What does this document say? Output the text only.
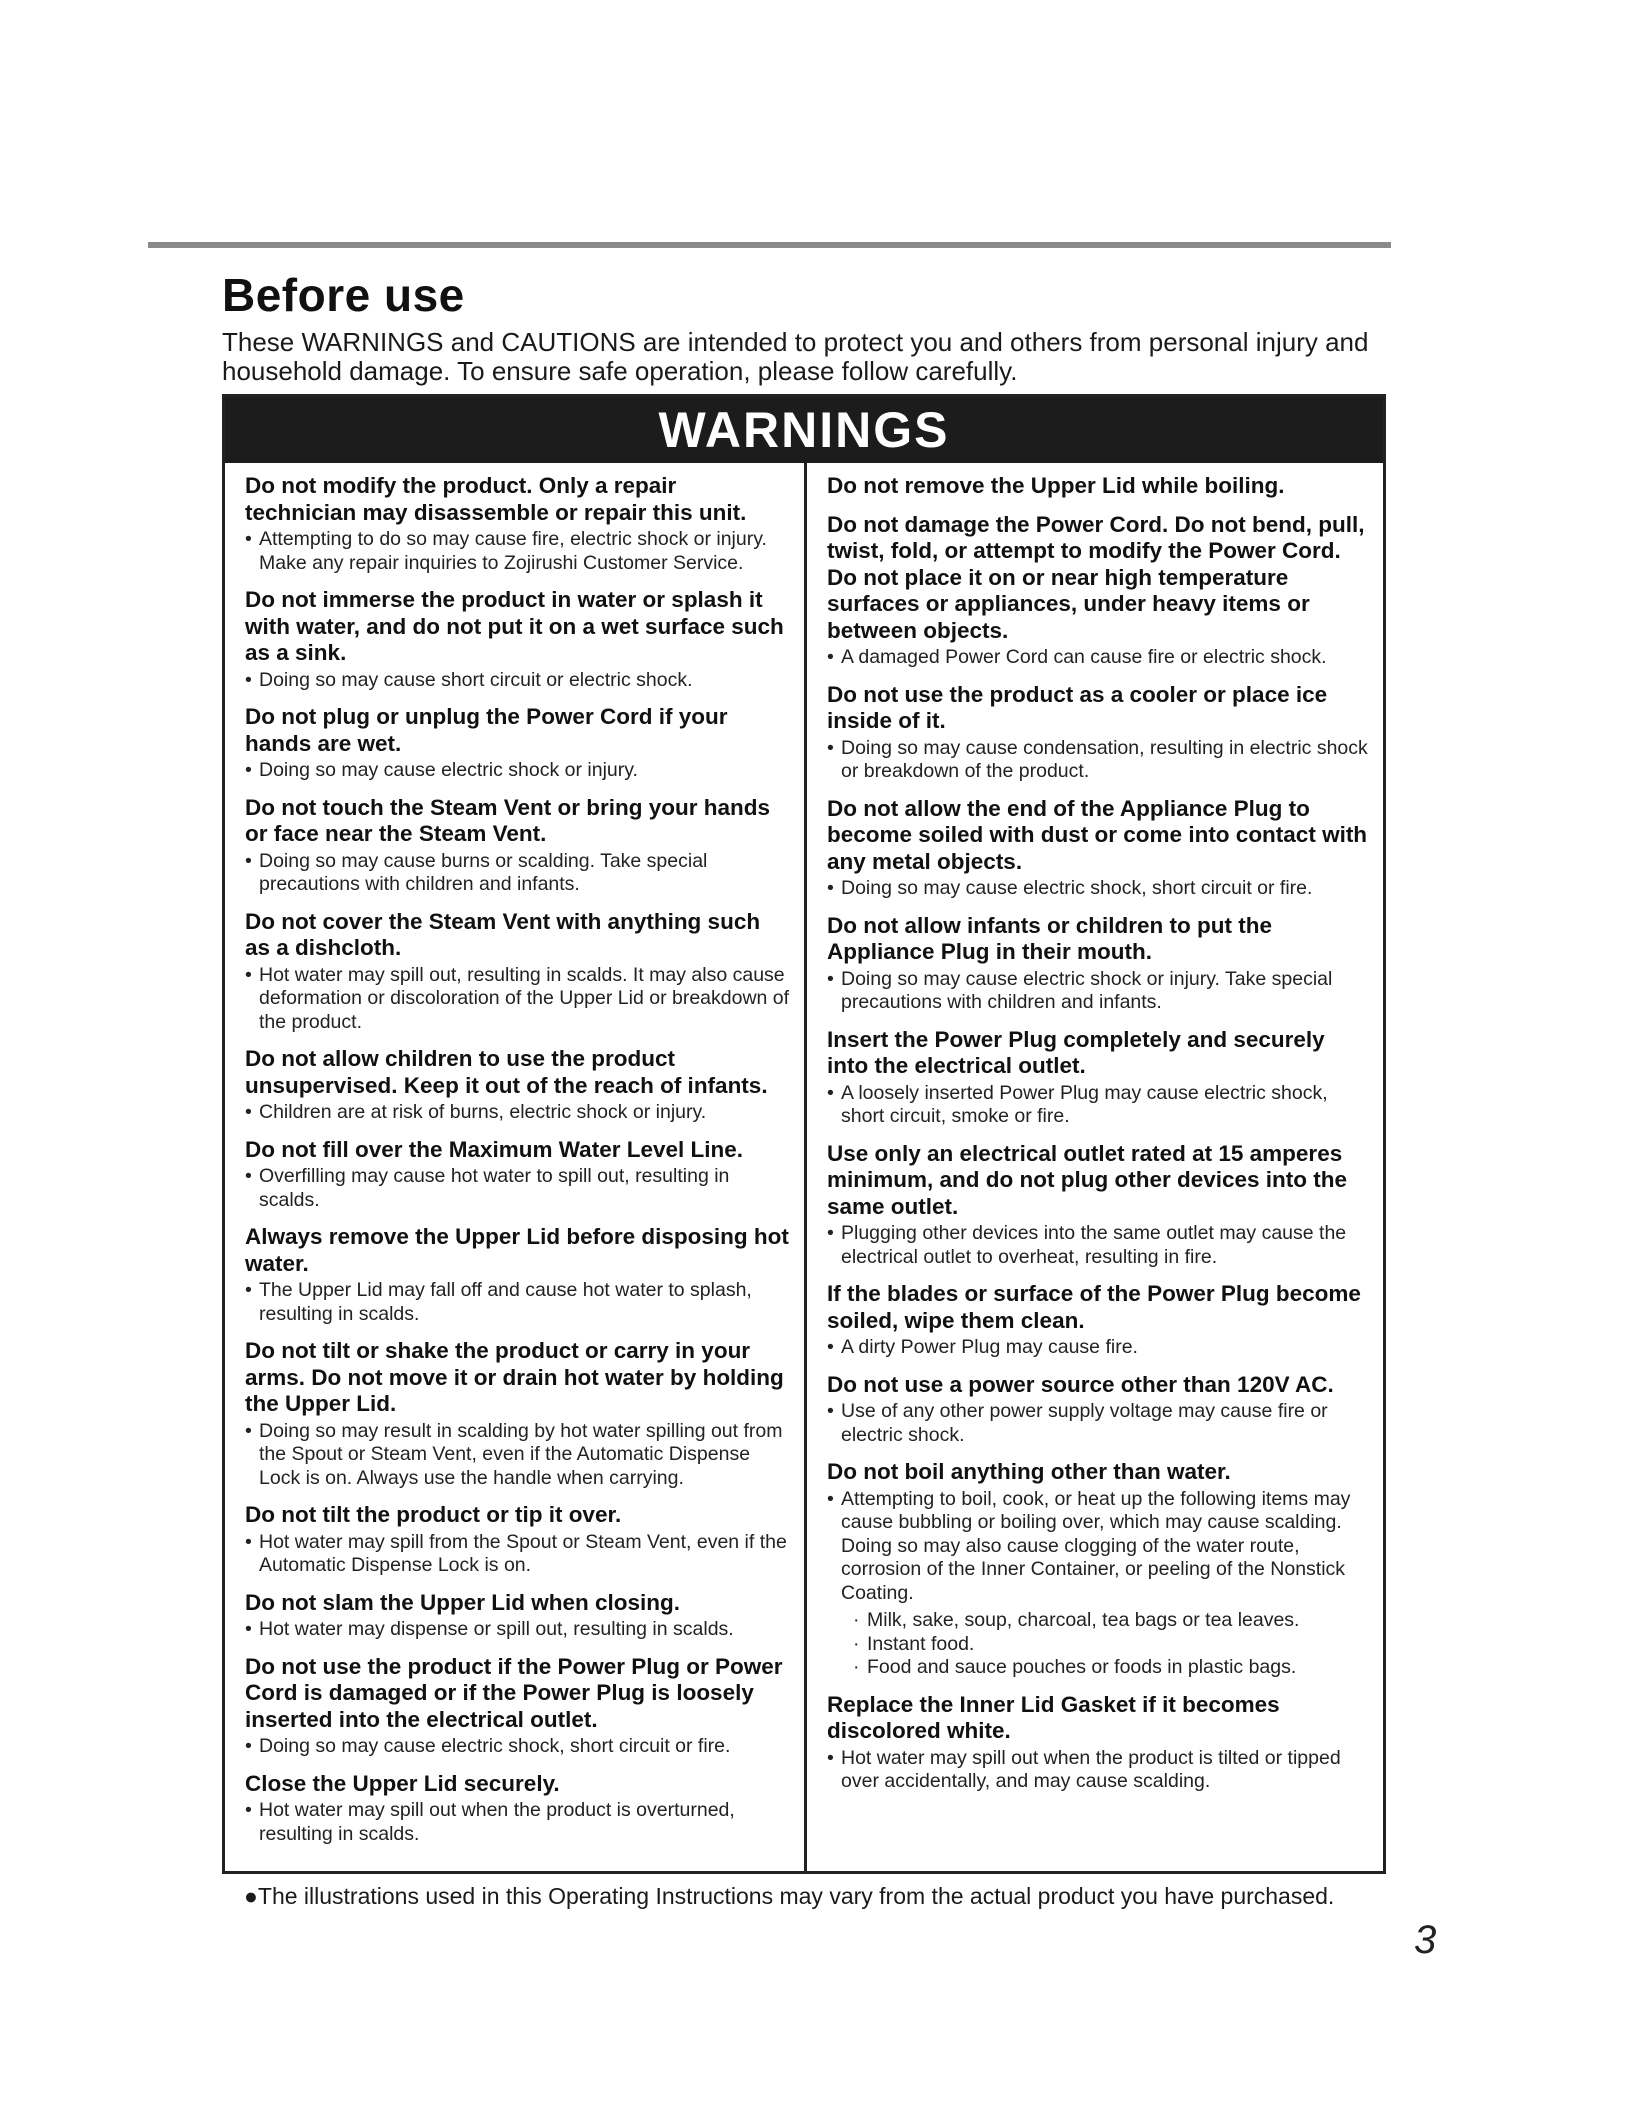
Before use

These WARNINGS and CAUTIONS are intended to protect you and others from personal injury and household damage. To ensure safe operation, please follow carefully.

WARNINGS
Do not modify the product. Only a repair technician may disassemble or repair this unit.
• Attempting to do so may cause fire, electric shock or injury. Make any repair inquiries to Zojirushi Customer Service.
Do not immerse the product in water or splash it with water, and do not put it on a wet surface such as a sink.
• Doing so may cause short circuit or electric shock.
Do not plug or unplug the Power Cord if your hands are wet.
• Doing so may cause electric shock or injury.
Do not touch the Steam Vent or bring your hands or face near the Steam Vent.
• Doing so may cause burns or scalding. Take special precautions with children and infants.
Do not cover the Steam Vent with anything such as a dishcloth.
• Hot water may spill out, resulting in scalds. It may also cause deformation or discoloration of the Upper Lid or breakdown of the product.
Do not allow children to use the product unsupervised. Keep it out of the reach of infants.
• Children are at risk of burns, electric shock or injury.
Do not fill over the Maximum Water Level Line.
• Overfilling may cause hot water to spill out, resulting in scalds.
Always remove the Upper Lid before disposing hot water.
• The Upper Lid may fall off and cause hot water to splash, resulting in scalds.
Do not tilt or shake the product or carry in your arms. Do not move it or drain hot water by holding the Upper Lid.
• Doing so may result in scalding by hot water spilling out from the Spout or Steam Vent, even if the Automatic Dispense Lock is on. Always use the handle when carrying.
Do not tilt the product or tip it over.
• Hot water may spill from the Spout or Steam Vent, even if the Automatic Dispense Lock is on.
Do not slam the Upper Lid when closing.
• Hot water may dispense or spill out, resulting in scalds.
Do not use the product if the Power Plug or Power Cord is damaged or if the Power Plug is loosely inserted into the electrical outlet.
• Doing so may cause electric shock, short circuit or fire.
Close the Upper Lid securely.
• Hot water may spill out when the product is overturned, resulting in scalds.
Do not remove the Upper Lid while boiling.
Do not damage the Power Cord. Do not bend, pull, twist, fold, or attempt to modify the Power Cord. Do not place it on or near high temperature surfaces or appliances, under heavy items or between objects.
• A damaged Power Cord can cause fire or electric shock.
Do not use the product as a cooler or place ice inside of it.
• Doing so may cause condensation, resulting in electric shock or breakdown of the product.
Do not allow the end of the Appliance Plug to become soiled with dust or come into contact with any metal objects.
• Doing so may cause electric shock, short circuit or fire.
Do not allow infants or children to put the Appliance Plug in their mouth.
• Doing so may cause electric shock or injury. Take special precautions with children and infants.
Insert the Power Plug completely and securely into the electrical outlet.
• A loosely inserted Power Plug may cause electric shock, short circuit, smoke or fire.
Use only an electrical outlet rated at 15 amperes minimum, and do not plug other devices into the same outlet.
• Plugging other devices into the same outlet may cause the electrical outlet to overheat, resulting in fire.
If the blades or surface of the Power Plug become soiled, wipe them clean.
• A dirty Power Plug may cause fire.
Do not use a power source other than 120V AC.
• Use of any other power supply voltage may cause fire or electric shock.
Do not boil anything other than water.
• Attempting to boil, cook, or heat up the following items may cause bubbling or boiling over, which may cause scalding. Doing so may also cause clogging of the water route, corrosion of the Inner Container, or peeling of the Nonstick Coating.
· Milk, sake, soup, charcoal, tea bags or tea leaves.
· Instant food.
· Food and sauce pouches or foods in plastic bags.
Replace the Inner Lid Gasket if it becomes discolored white.
• Hot water may spill out when the product is tilted or tipped over accidentally, and may cause scalding.

●The illustrations used in this Operating Instructions may vary from the actual product you have purchased.

3
